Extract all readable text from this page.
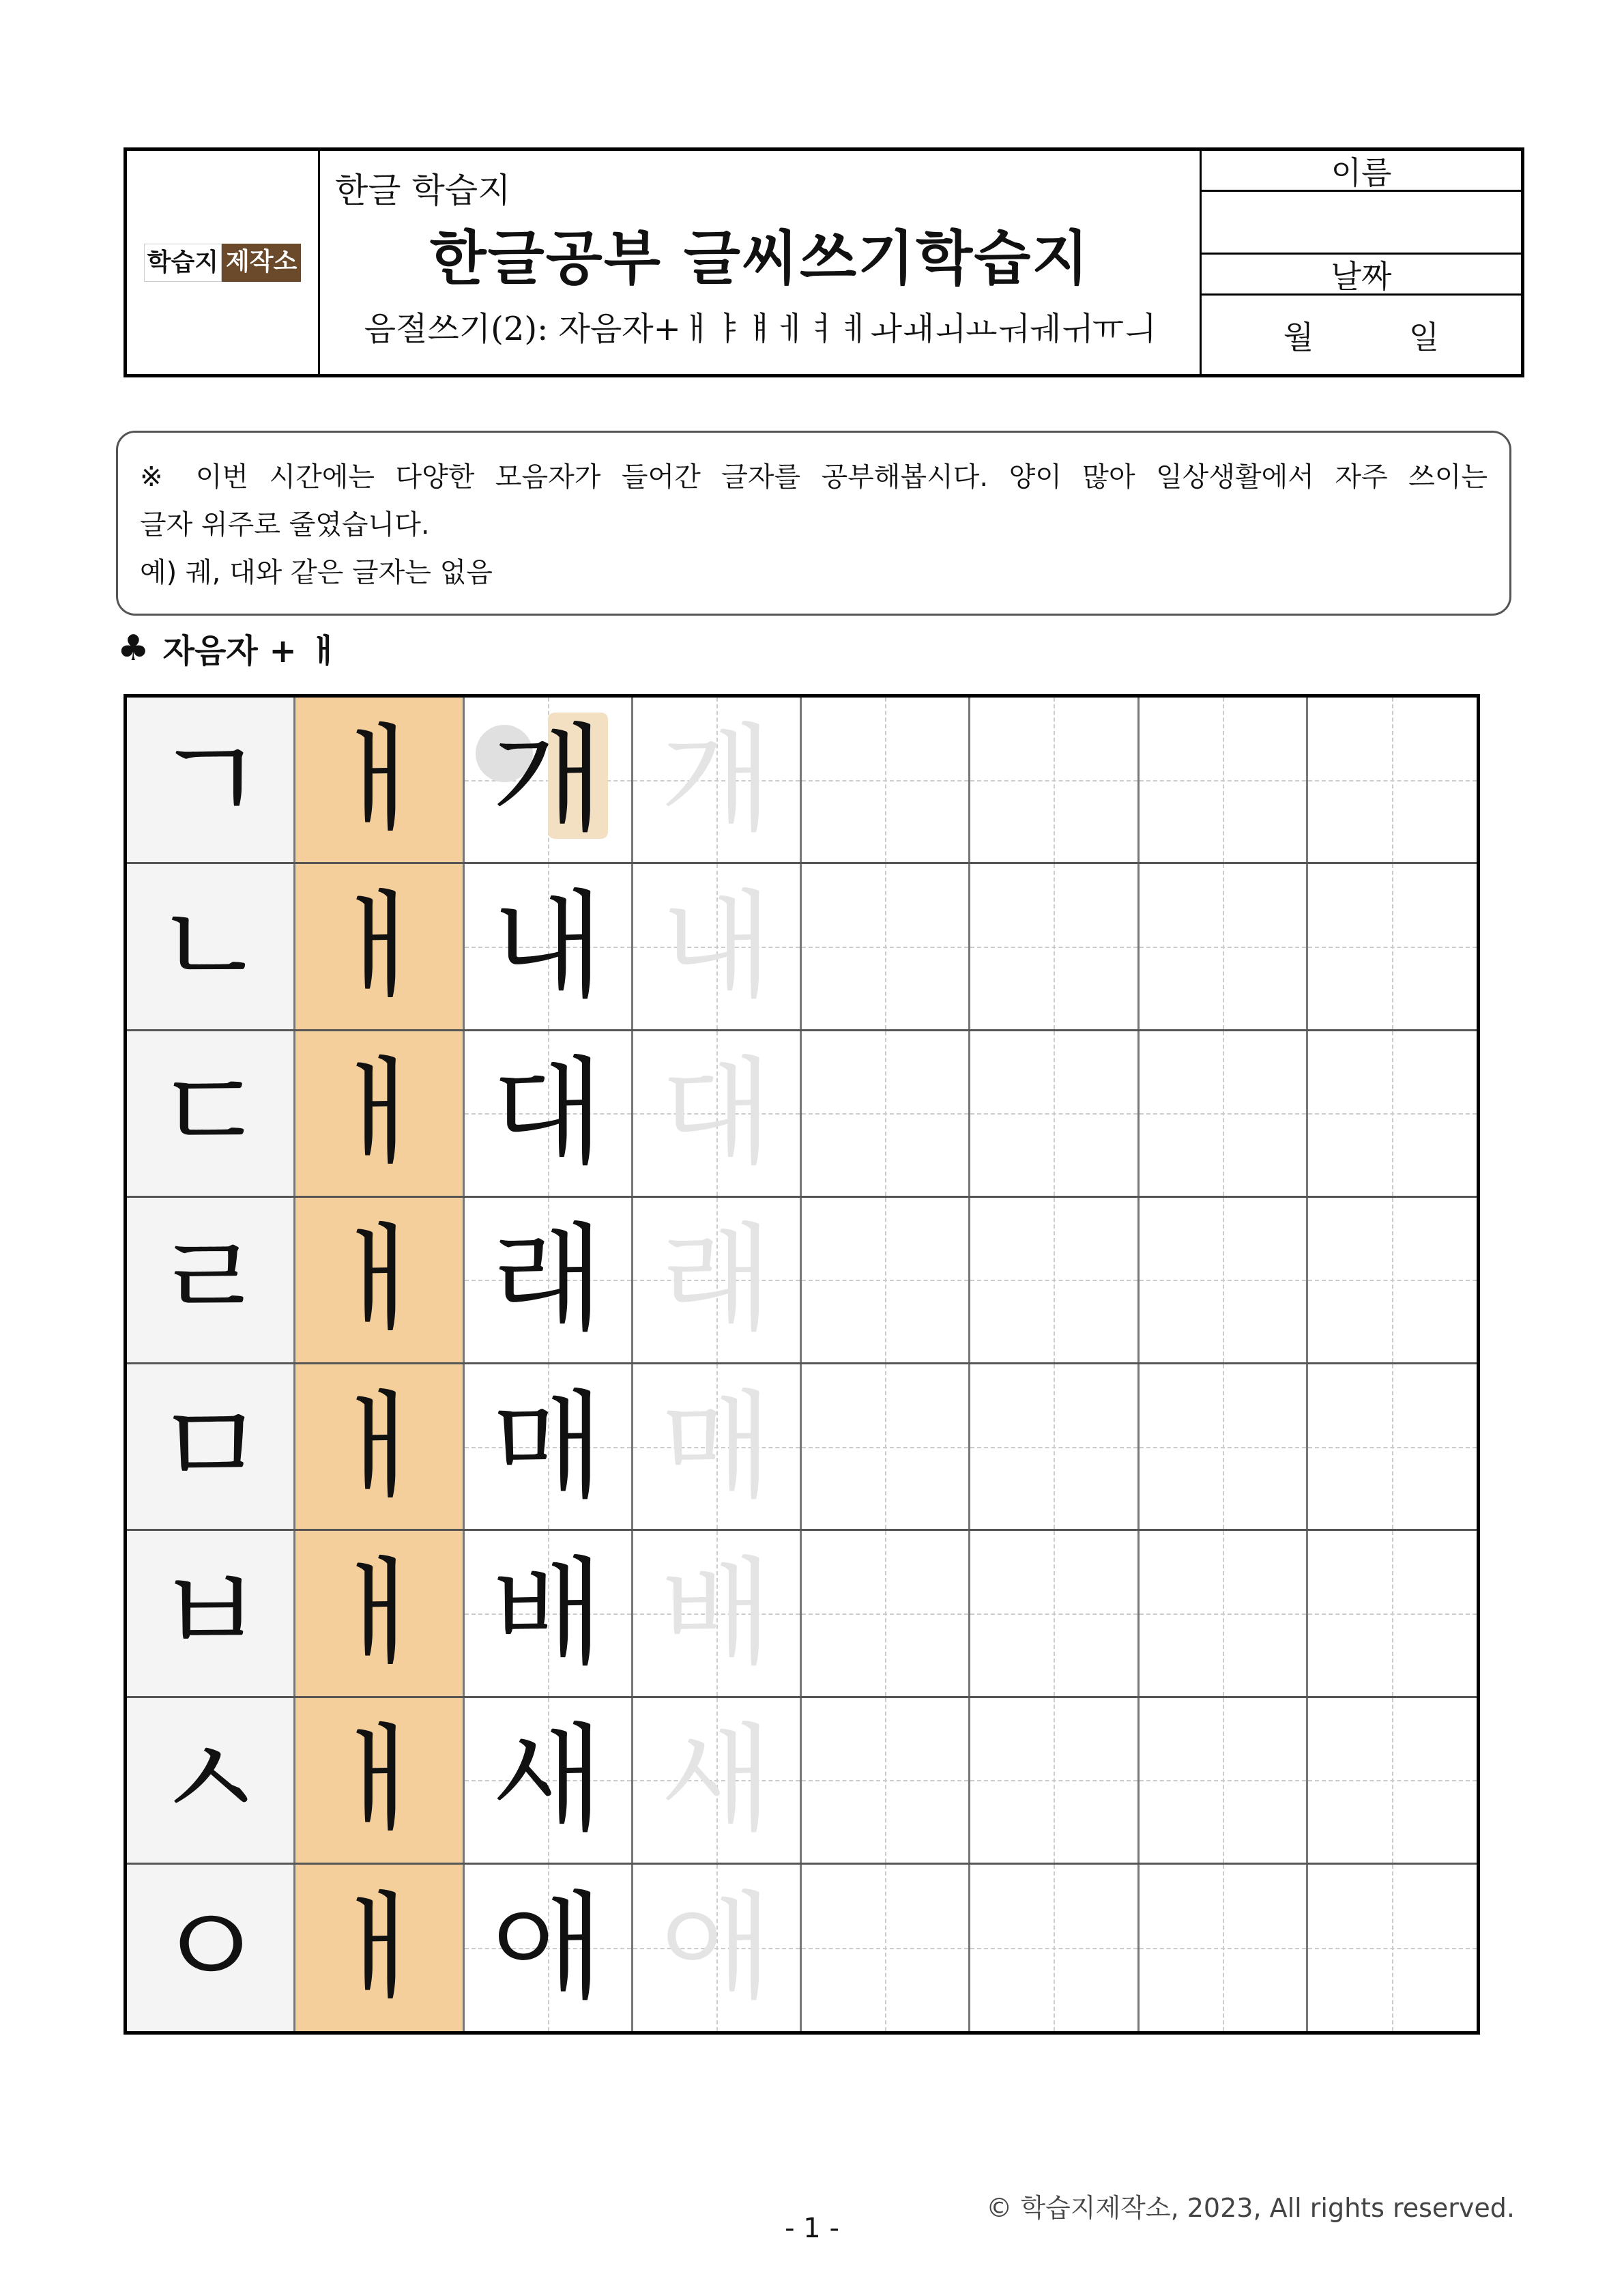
학습지 제작소
한글 학습지
한글공부 글씨쓰기학습지
음절쓰기(2): 자음자+ㅐㅑㅒㅔㅕㅖㅘㅙㅚㅛㅝㅞㅟㅠㅢ
이름
날짜
월	일

※ 이번 시간에는 다양한 모음자가 들어간 글자를 공부해봅시다. 양이 많아 일상생활에서 자주 쓰이는

글자 위주로 줄였습니다.

예) 궤, 대와 같은 글자는 없음

♣ 자음자 + ㅐ
ㄱ ㅐ 개 개
ㄴ ㅐ 내 내
ㄷ ㅐ 대 대
ㄹ ㅐ 래 래
ㅁ ㅐ 매 매
ㅂ ㅐ 배 배
ㅅ ㅐ 새 새
ㅇ ㅐ 애 애
© 학습지제작소, 2023, All rights reserved.
- 1 -
